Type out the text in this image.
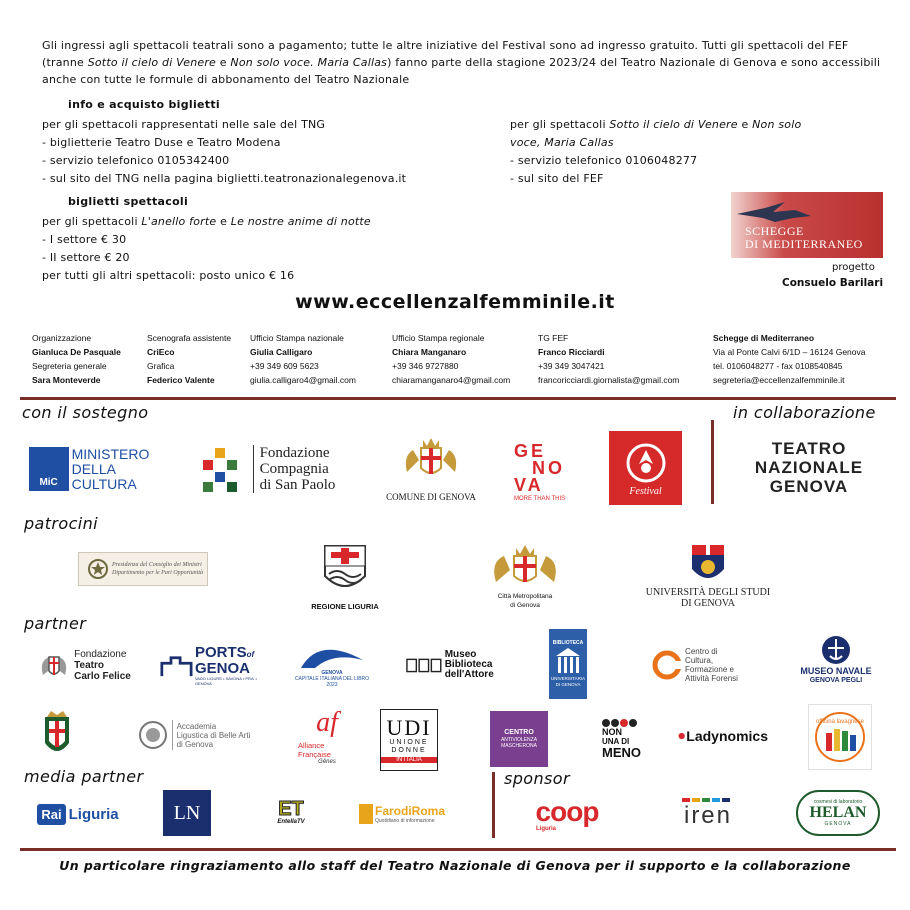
Gli ingressi agli spettacoli teatrali sono a pagamento; tutte le altre iniziative del Festival sono ad ingresso gratuito. Tutti gli spettacoli del FEF (tranne Sotto il cielo di Venere e Non solo voce. Maria Callas) fanno parte della stagione 2023/24 del Teatro Nazionale di Genova e sono accessibili anche con tutte le formule di abbonamento del Teatro Nazionale
info e acquisto biglietti
per gli spettacoli rappresentati nelle sale del TNG
- biglietterie Teatro Duse e Teatro Modena
- servizio telefonico 0105342400
- sul sito del TNG nella pagina biglietti.teatronazionalegenova.it
per gli spettacoli Sotto il cielo di Venere e Non solo
voce, Maria Callas
- servizio telefonico 0106048277
- sul sito del FEF
biglietti spettacoli
per gli spettacoli L'anello forte e Le nostre anime di notte
- I settore € 30
- II settore € 20
per tutti gli altri spettacoli: posto unico € 16
SCHEGGE
DI MEDITERRANEO
progetto
Consuelo Barilari
www.eccellenzalfemminile.it
Organizzazione
Gianluca De Pasquale
Segreteria generale
Sara Monteverde
Scenografa assistente
CriEco
Grafica
Federico Valente
Ufficio Stampa nazionale
Giulia Calligaro
+39 349 609 5623
giulia.calligaro4@gmail.com
Ufficio Stampa regionale
Chiara Manganaro
+39 346 9727880
chiaramanganaro4@gmail.com
TG FEF
Franco Ricciardi
+39 349 3047421
francoricciardi.giornalista@gmail.com
Schegge di Mediterraneo
Via al Ponte Calvi 6/1D – 16124 Genova
tel. 0106048277 - fax 0108540845
segreteria@eccellenzalfemminile.it
con il sostegno	in collaborazione
MiC
MINISTERO
DELLA
CULTURA
Fondazione
Compagnia
di San Paolo
COMUNE DI GENOVA
GE
NO
VA
MORE THAN THIS
Festival
TEATRO
NAZIONALE
GENOVA
patrocini
Presidenza del Consiglio dei Ministri
Dipartimento per le Pari Opportunità
REGIONE LIGURIA
Città Metropolitana
di Genova
UNIVERSITÀ DEGLI STUDI
DI GENOVA
partner
Fondazione
Teatro
Carlo Felice
PORTSof
GENOA
VADO LIGURE • SAVONA • PRA' • GENOVA
GENOVA
CAPITALE ITALIANA DEL LIBRO
2023
Museo Biblioteca
dell'Attore
BIBLIOTECA
UNIVERSITARIA
DI GENOVA
Centro di
Cultura,
Formazione e
Attività Forensi
MUSEO NAVALE
GENOVA PEGLI
Accademia
Ligustica di Belle Arti
di Genova
af
Alliance Française
Gênes
UDI
UNIONE
DONNE
IN ITALIA
CENTRO
ANTIVIOLENZA
MASCHERONA
NON
UNA DI
MENO
Ladynomics
officina lavagnese
media partner	sponsor
Rai Liguria	LN	ET
EntellaTV
FarodiRoma
Quotidiano di informazione	coop
Liguria	iren	cosmesi di laboratorio
HELAN
GENOVA
Un particolare ringraziamento allo staff del Teatro Nazionale di Genova per il supporto e la collaborazione
